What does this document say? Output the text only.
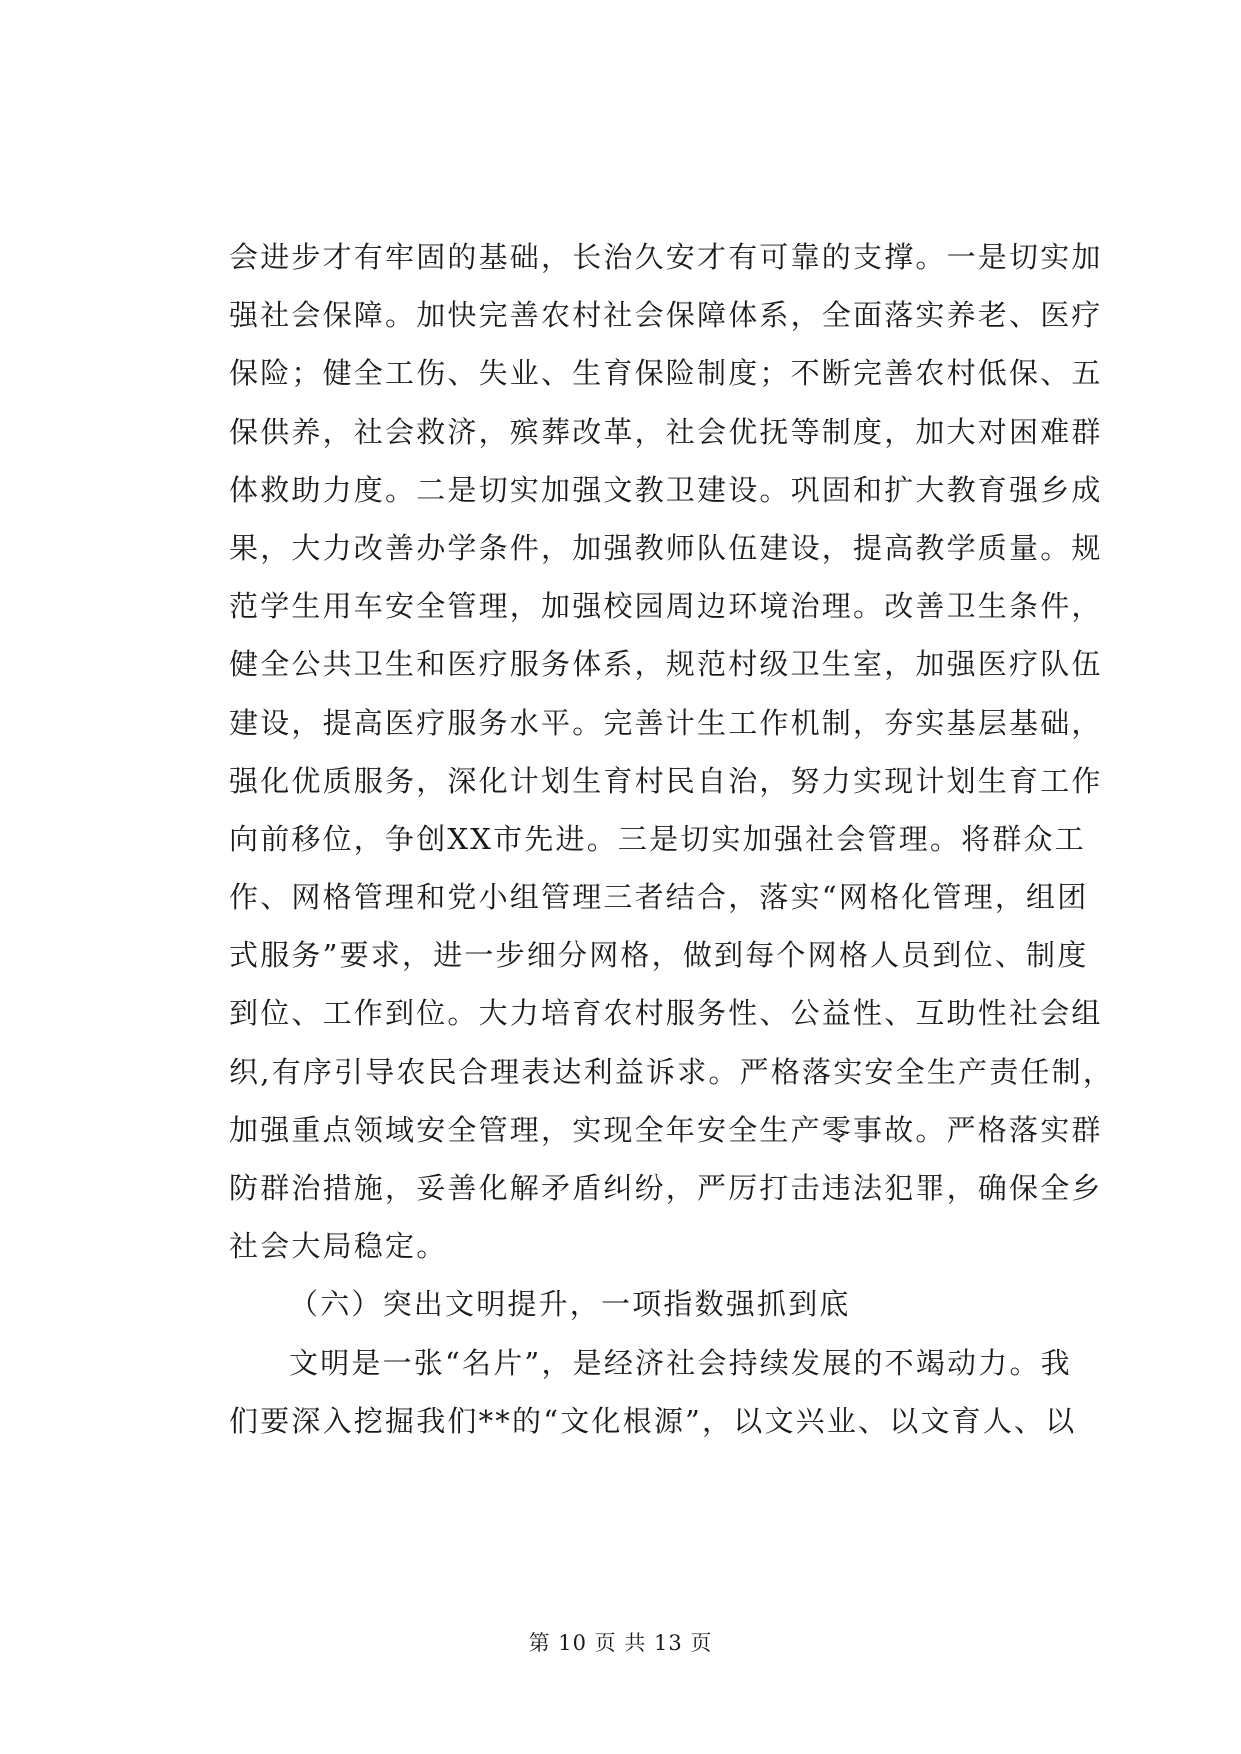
会进步才有牢固的基础，长治久安才有可靠的支撑。一是切实加
强社会保障。加快完善农村社会保障体系，全面落实养老、医疗
保险；健全工伤、失业、生育保险制度；不断完善农村低保、五
保供养，社会救济，殡葬改革，社会优抚等制度，加大对困难群
体救助力度。二是切实加强文教卫建设。巩固和扩大教育强乡成
果，大力改善办学条件，加强教师队伍建设，提高教学质量。规
范学生用车安全管理，加强校园周边环境治理。改善卫生条件，
健全公共卫生和医疗服务体系，规范村级卫生室，加强医疗队伍
建设，提高医疗服务水平。完善计生工作机制，夯实基层基础，
强化优质服务，深化计划生育村民自治，努力实现计划生育工作
向前移位，争创XX市先进。三是切实加强社会管理。将群众工
作、网格管理和党小组管理三者结合，落实“网格化管理，组团
式服务”要求，进一步细分网格，做到每个网格人员到位、制度
到位、工作到位。大力培育农村服务性、公益性、互助性社会组
织,有序引导农民合理表达利益诉求。严格落实安全生产责任制，
加强重点领域安全管理，实现全年安全生产零事故。严格落实群
防群治措施，妥善化解矛盾纠纷，严厉打击违法犯罪，确保全乡
社会大局稳定。
（六）突出文明提升，一项指数强抓到底
文明是一张“名片”，是经济社会持续发展的不竭动力。我
们要深入挖掘我们**的“文化根源”，以文兴业、以文育人、以
第 10 页 共 13 页
